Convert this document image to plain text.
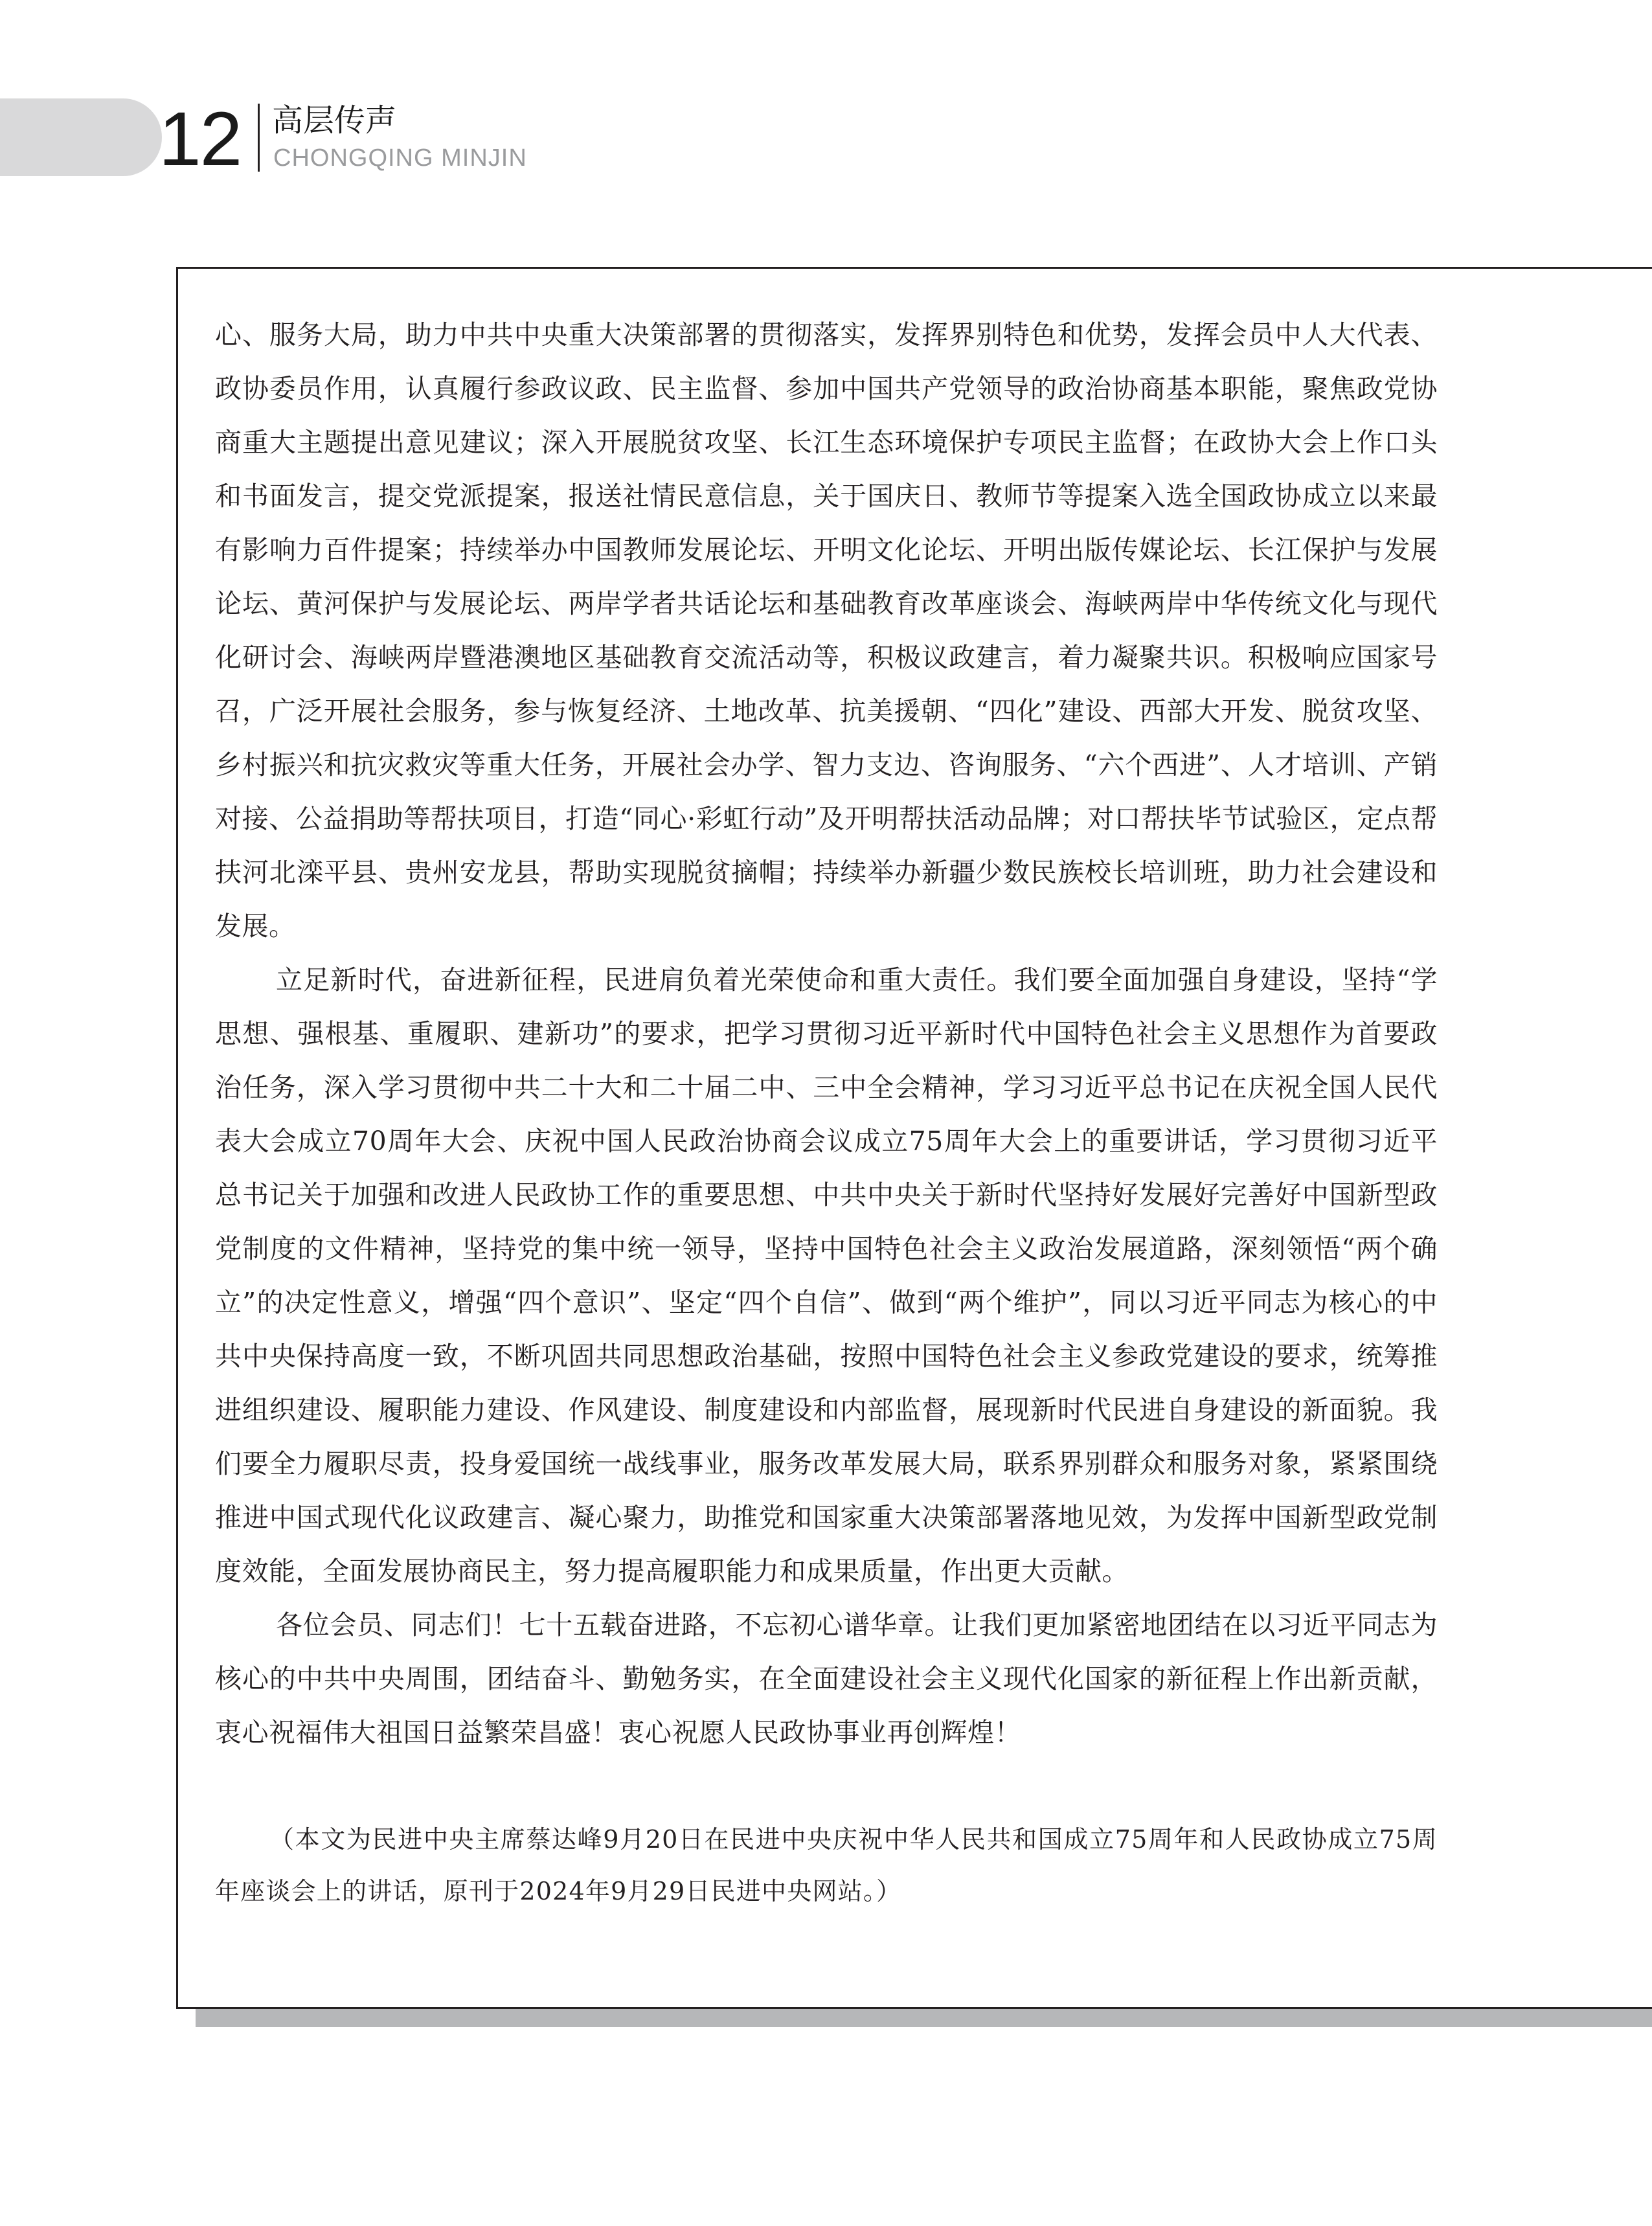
12 高层传声
CHONGQING MINJIN

心、服务大局，助力中共中央重大决策部署的贯彻落实，发挥界别特色和优势，发挥会员中人大代表、政协委员作用，认真履行参政议政、民主监督、参加中国共产党领导的政治协商基本职能，聚焦政党协商重大主题提出意见建议；深入开展脱贫攻坚、长江生态环境保护专项民主监督；在政协大会上作口头和书面发言，提交党派提案，报送社情民意信息，关于国庆日、教师节等提案入选全国政协成立以来最有影响力百件提案；持续举办中国教师发展论坛、开明文化论坛、开明出版传媒论坛、长江保护与发展论坛、黄河保护与发展论坛、两岸学者共话论坛和基础教育改革座谈会、海峡两岸中华传统文化与现代化研讨会、海峡两岸暨港澳地区基础教育交流活动等，积极议政建言，着力凝聚共识。积极响应国家号召，广泛开展社会服务，参与恢复经济、土地改革、抗美援朝、“四化”建设、西部大开发、脱贫攻坚、乡村振兴和抗灾救灾等重大任务，开展社会办学、智力支边、咨询服务、“六个西进”、人才培训、产销对接、公益捐助等帮扶项目，打造“同心·彩虹行动”及开明帮扶活动品牌；对口帮扶毕节试验区，定点帮扶河北滦平县、贵州安龙县，帮助实现脱贫摘帽；持续举办新疆少数民族校长培训班，助力社会建设和发展。

立足新时代，奋进新征程，民进肩负着光荣使命和重大责任。我们要全面加强自身建设，坚持“学思想、强根基、重履职、建新功”的要求，把学习贯彻习近平新时代中国特色社会主义思想作为首要政治任务，深入学习贯彻中共二十大和二十届二中、三中全会精神，学习习近平总书记在庆祝全国人民代表大会成立70周年大会、庆祝中国人民政治协商会议成立75周年大会上的重要讲话，学习贯彻习近平总书记关于加强和改进人民政协工作的重要思想、中共中央关于新时代坚持好发展好完善好中国新型政党制度的文件精神，坚持党的集中统一领导，坚持中国特色社会主义政治发展道路，深刻领悟“两个确立”的决定性意义，增强“四个意识”、坚定“四个自信”、做到“两个维护”，同以习近平同志为核心的中共中央保持高度一致，不断巩固共同思想政治基础，按照中国特色社会主义参政党建设的要求，统筹推进组织建设、履职能力建设、作风建设、制度建设和内部监督，展现新时代民进自身建设的新面貌。我们要全力履职尽责，投身爱国统一战线事业，服务改革发展大局，联系界别群众和服务对象，紧紧围绕推进中国式现代化议政建言、凝心聚力，助推党和国家重大决策部署落地见效，为发挥中国新型政党制度效能，全面发展协商民主，努力提高履职能力和成果质量，作出更大贡献。

各位会员、同志们！七十五载奋进路，不忘初心谱华章。让我们更加紧密地团结在以习近平同志为核心的中共中央周围，团结奋斗、勤勉务实，在全面建设社会主义现代化国家的新征程上作出新贡献，衷心祝福伟大祖国日益繁荣昌盛！衷心祝愿人民政协事业再创辉煌！

（本文为民进中央主席蔡达峰9月20日在民进中央庆祝中华人民共和国成立75周年和人民政协成立75周年座谈会上的讲话，原刊于2024年9月29日民进中央网站。）
